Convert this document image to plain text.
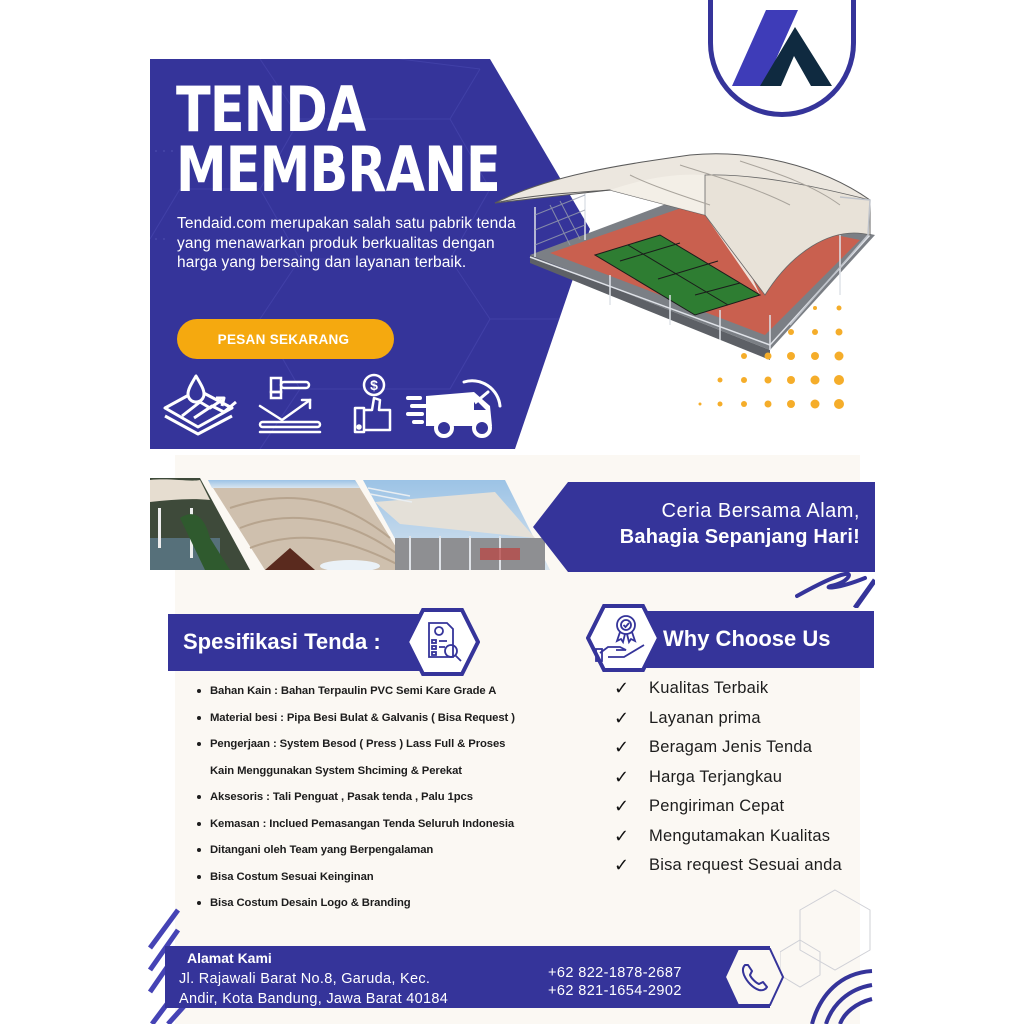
TENDA
MEMBRANE

Tendaid.com merupakan salah satu pabrik tenda yang menawarkan produk berkualitas dengan harga yang bersaing dan layanan terbaik.

PESAN SEKARANG
$
Ceria Bersama Alam,
Bahagia Sepanjang Hari!
Spesifikasi Tenda :
Bahan Kain : Bahan Terpaulin PVC Semi Kare Grade A
Material besi : Pipa Besi Bulat & Galvanis ( Bisa Request )
Pengerjaan : System Besod ( Press ) Lass Full & Proses
Kain Menggunakan System Shciming & Perekat
Aksesoris : Tali Penguat , Pasak tenda , Palu 1pcs
Kemasan : Inclued Pemasangan Tenda Seluruh Indonesia
Ditangani oleh Team yang Berpengalaman
Bisa Costum Sesuai Keinginan
Bisa Costum Desain Logo & Branding
Why Choose Us
✓	Kualitas Terbaik
✓	Layanan prima
✓	Beragam Jenis Tenda
✓	Harga Terjangkau
✓	Pengiriman Cepat
✓	Mengutamakan Kualitas
✓	Bisa request Sesuai anda
Alamat Kami
Jl. Rajawali Barat No.8, Garuda, Kec.
Andir, Kota Bandung, Jawa Barat 40184
+62 822-1878-2687
+62 821-1654-2902
